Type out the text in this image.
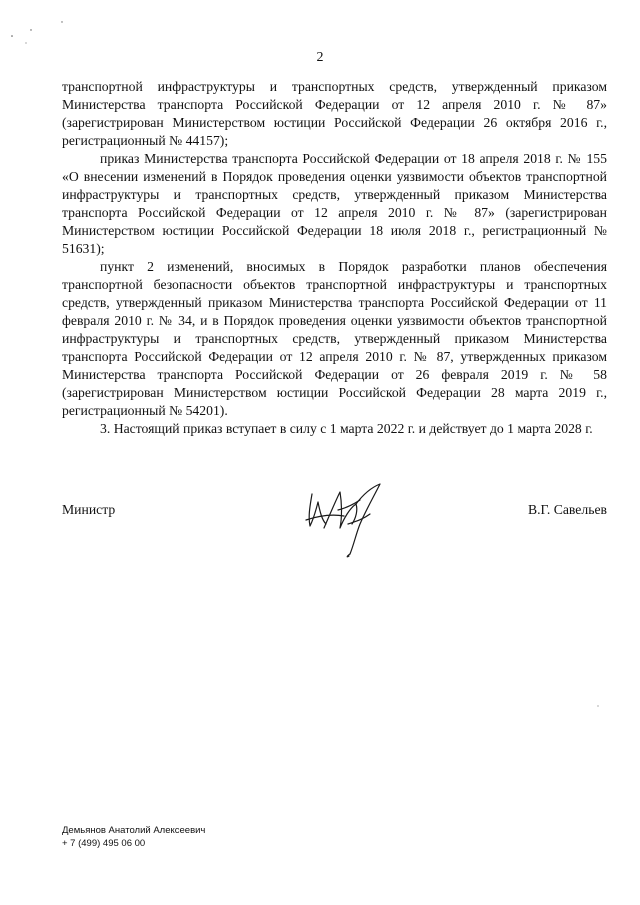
2

транспортной инфраструктуры и транспортных средств, утвержденный приказом Министерства транспорта Российской Федерации от 12 апреля 2010 г. № 87» (зарегистрирован Министерством юстиции Российской Федерации 26 октября 2016 г., регистрационный № 44157);

приказ Министерства транспорта Российской Федерации от 18 апреля 2018 г. № 155 «О внесении изменений в Порядок проведения оценки уязвимости объектов транспортной инфраструктуры и транспортных средств, утвержденный приказом Министерства транспорта Российской Федерации от 12 апреля 2010 г. № 87» (зарегистрирован Министерством юстиции Российской Федерации 18 июля 2018 г., регистрационный № 51631);

пункт 2 изменений, вносимых в Порядок разработки планов обеспечения транспортной безопасности объектов транспортной инфраструктуры и транспортных средств, утвержденный приказом Министерства транспорта Российской Федерации от 11 февраля 2010 г. № 34, и в Порядок проведения оценки уязвимости объектов транспортной инфраструктуры и транспортных средств, утвержденный приказом Министерства транспорта Российской Федерации от 12 апреля 2010 г. № 87, утвержденных приказом Министерства транспорта Российской Федерации от 26 февраля 2019 г. № 58 (зарегистрирован Министерством юстиции Российской Федерации 28 марта 2019 г., регистрационный № 54201).

3. Настоящий приказ вступает в силу с 1 марта 2022 г. и действует до 1 марта 2028 г.

Министр	В.Г. Савельев
Демьянов Анатолий Алексеевич
+ 7 (499) 495 06 00
